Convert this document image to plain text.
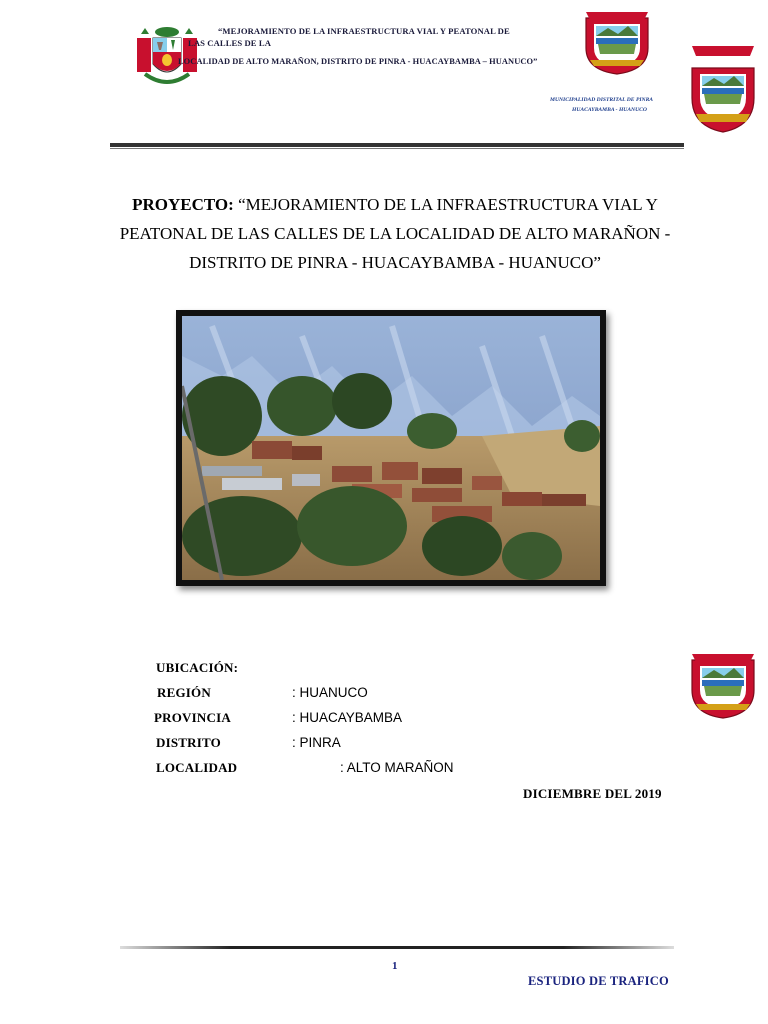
“MEJORAMIENTO DE LA INFRAESTRUCTURA VIAL Y PEATONAL DE
LAS CALLES DE LA
LOCALIDAD DE ALTO MARAÑON, DISTRITO DE PINRA - HUACAYBAMBA – HUANUCO”
MUNICIPALIDAD DISTRITAL DE PINRA
HUACAYBAMBA - HUANUCO
PROYECTO: “MEJORAMIENTO DE LA INFRAESTRUCTURA VIAL Y PEATONAL DE LAS CALLES DE LA LOCALIDAD DE ALTO MARAÑON - DISTRITO DE PINRA - HUACAYBAMBA - HUANUCO”
UBICACIÓN:
REGIÓN	: HUANUCO
PROVINCIA	: HUACAYBAMBA
DISTRITO	: PINRA
LOCALIDAD	: ALTO MARAÑON
DICIEMBRE DEL 2019
1
ESTUDIO DE TRAFICO
